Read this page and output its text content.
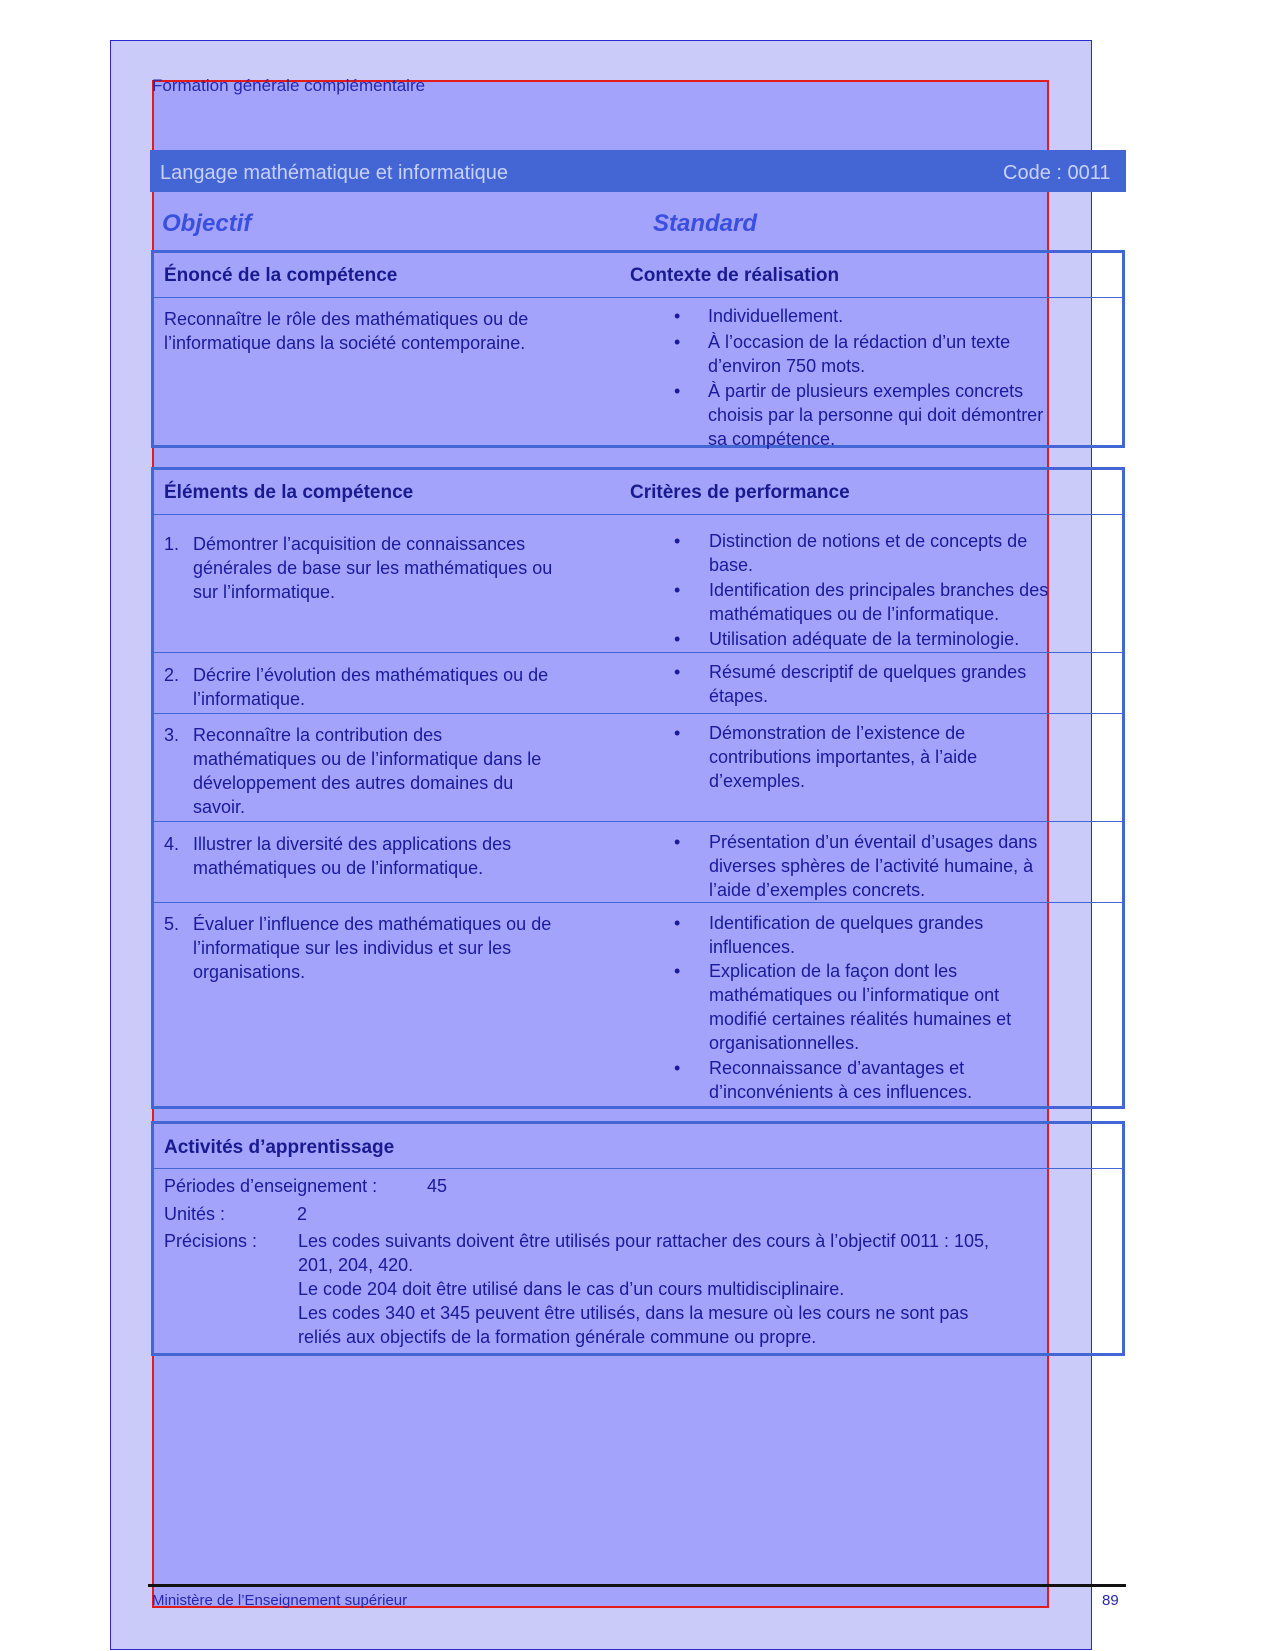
Formation générale complémentaire
Langage mathématique et informatique	Code : 0011
Objectif	Standard
Énoncé de la compétence	Contexte de réalisation
Reconnaître le rôle des mathématiques ou de
l’informatique dans la société contemporaine.
• Individuellement.
• À l’occasion de la rédaction d’un texte
d’environ 750 mots.
• À partir de plusieurs exemples concrets
choisis par la personne qui doit démontrer
sa compétence.
Éléments de la compétence	Critères de performance
1. Démontrer l’acquisition de connaissances
générales de base sur les mathématiques ou
sur l’informatique.
• Distinction de notions et de concepts de
base.
• Identification des principales branches des
mathématiques ou de l’informatique.
• Utilisation adéquate de la terminologie.
2. Décrire l’évolution des mathématiques ou de
l’informatique.
• Résumé descriptif de quelques grandes
étapes.
3. Reconnaître la contribution des
mathématiques ou de l’informatique dans le
développement des autres domaines du
savoir.
• Démonstration de l’existence de
contributions importantes, à l’aide
d’exemples.
4. Illustrer la diversité des applications des
mathématiques ou de l’informatique.
• Présentation d’un éventail d’usages dans
diverses sphères de l’activité humaine, à
l’aide d’exemples concrets.
5. Évaluer l’influence des mathématiques ou de
l’informatique sur les individus et sur les
organisations.
• Identification de quelques grandes
influences.
• Explication de la façon dont les
mathématiques ou l’informatique ont
modifié certaines réalités humaines et
organisationnelles.
• Reconnaissance d’avantages et
d’inconvénients à ces influences.
Activités d’apprentissage
Périodes d’enseignement :	45
Unités :	2
Précisions : Les codes suivants doivent être utilisés pour rattacher des cours à l’objectif 0011 : 105,
201, 204, 420.
Le code 204 doit être utilisé dans le cas d’un cours multidisciplinaire.
Les codes 340 et 345 peuvent être utilisés, dans la mesure où les cours ne sont pas
reliés aux objectifs de la formation générale commune ou propre.
Ministère de l’Enseignement supérieur	89
